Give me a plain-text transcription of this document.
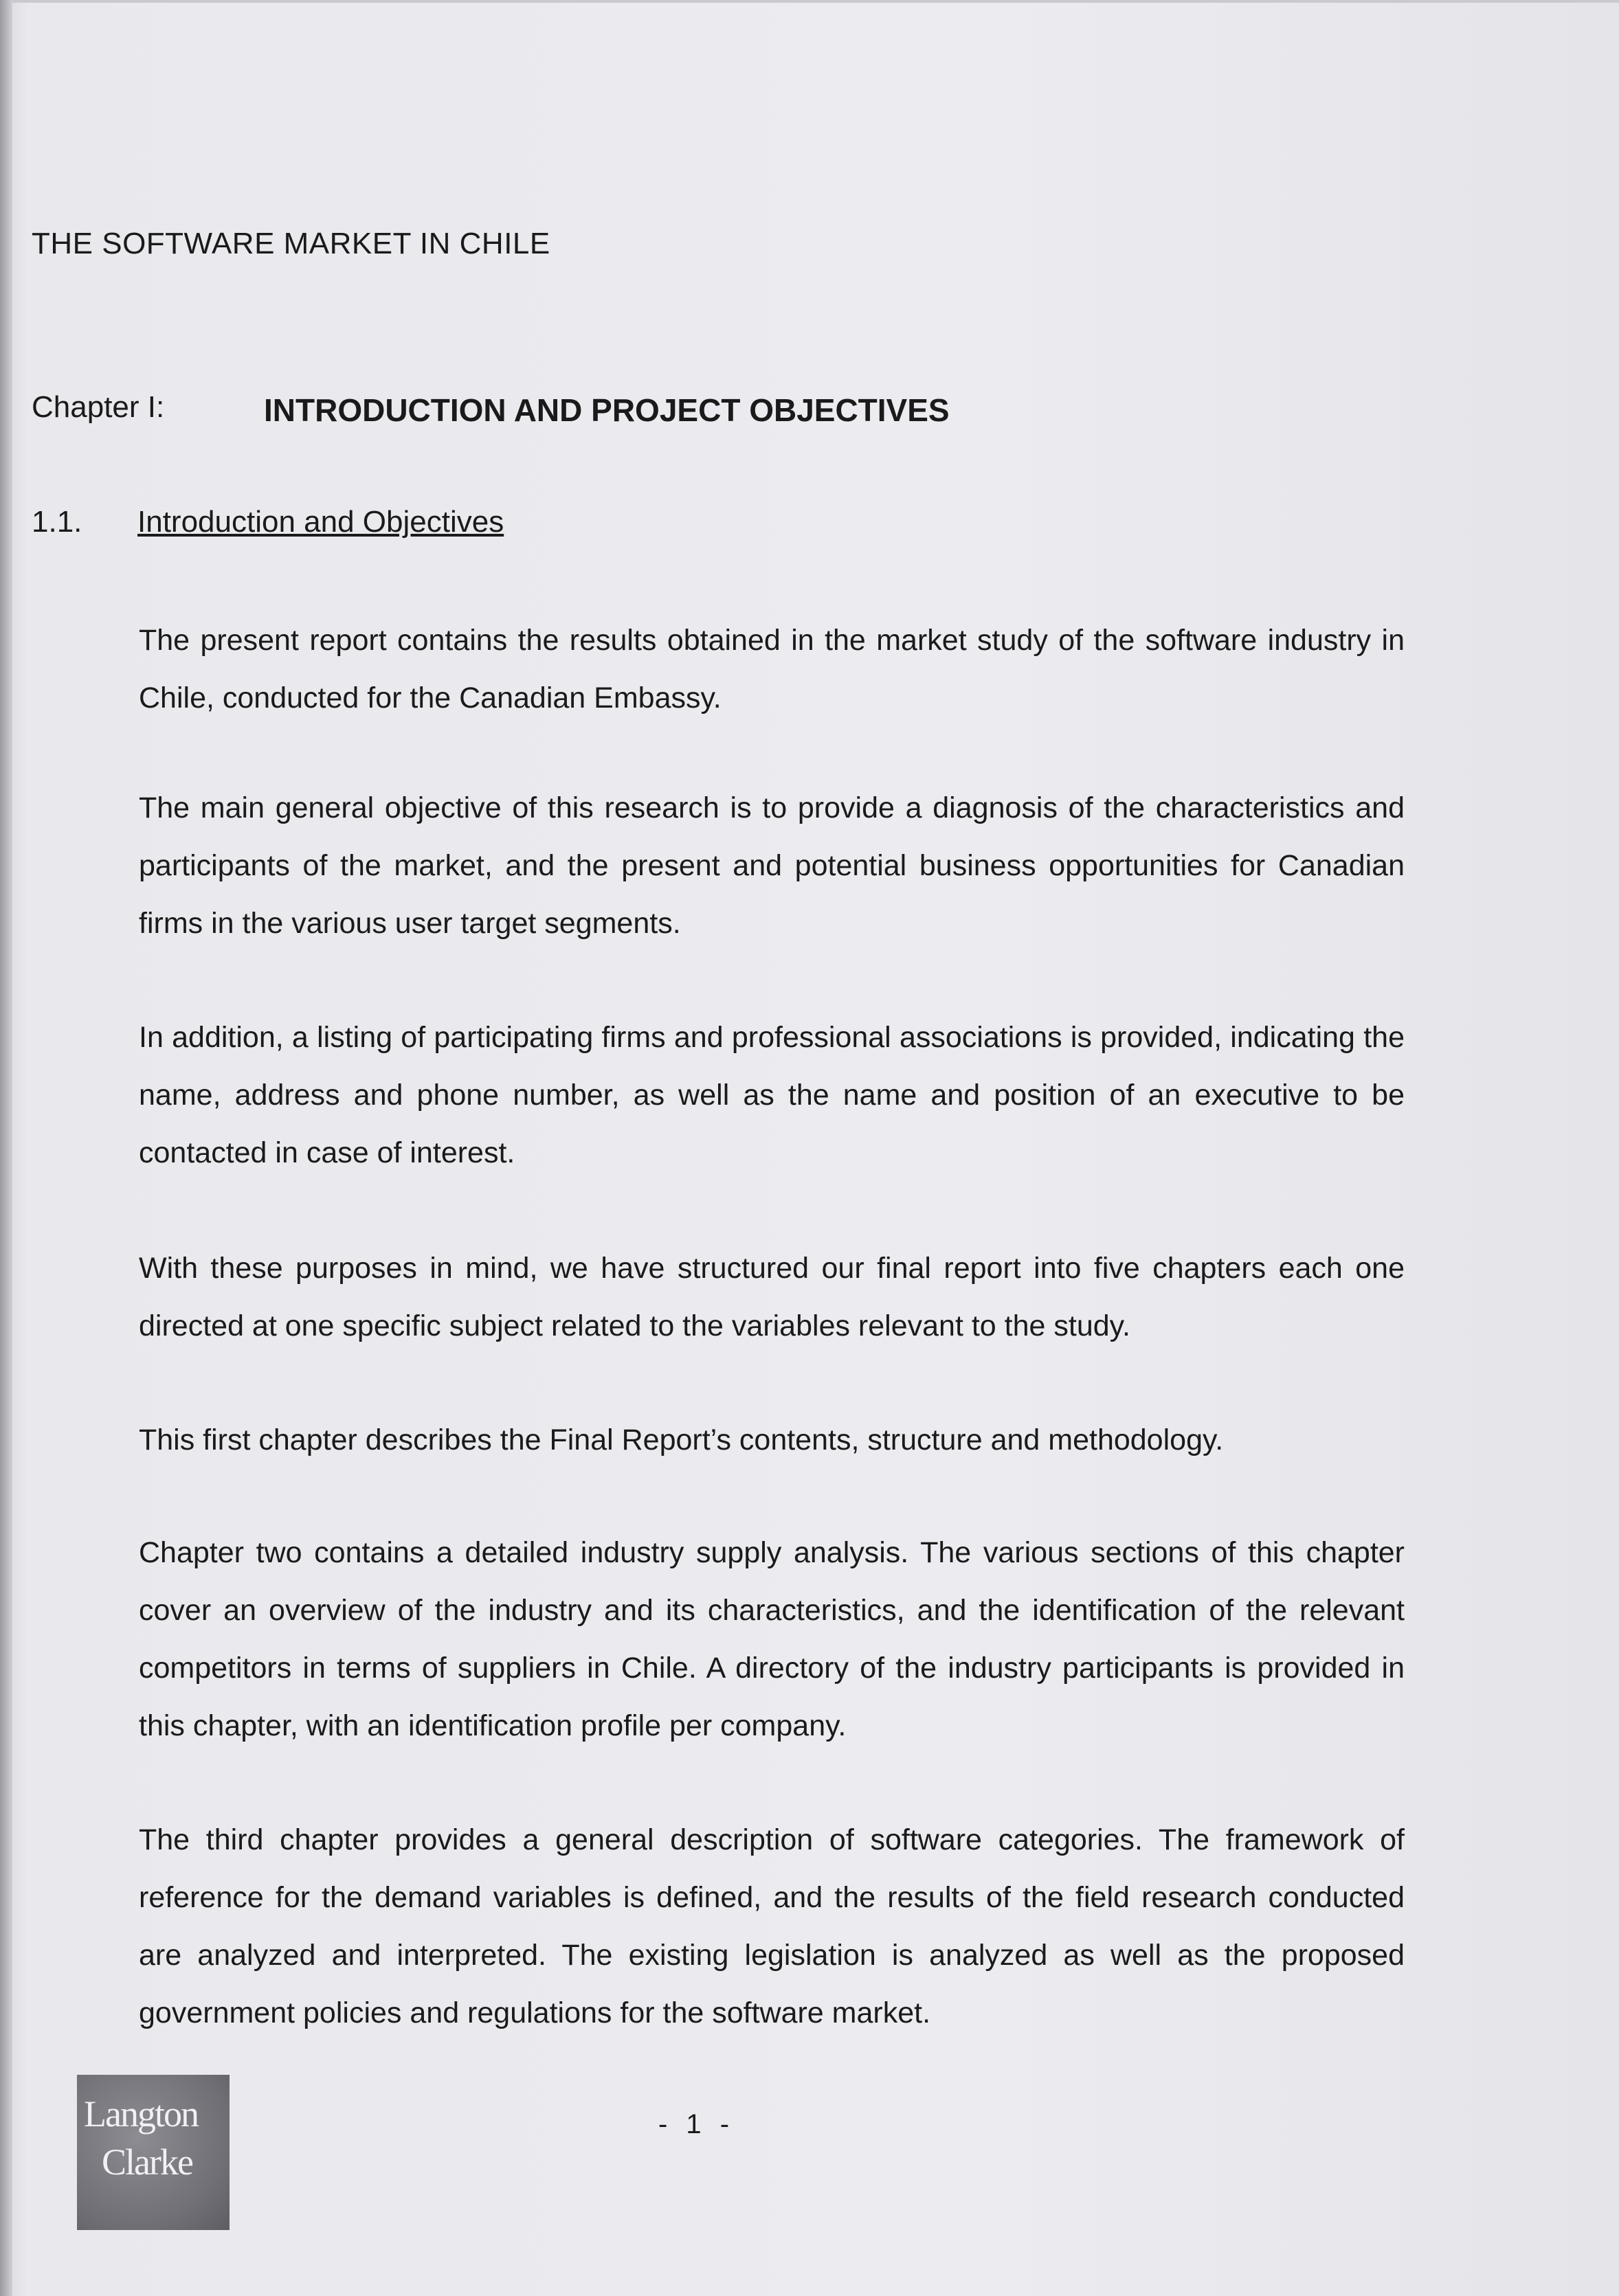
THE SOFTWARE MARKET IN CHILE
Chapter I:	INTRODUCTION AND PROJECT OBJECTIVES
1.1. Introduction and Objectives

The present report contains the results obtained in the market study of the software industry in Chile, conducted for the Canadian Embassy.

The main general objective of this research is to provide a diagnosis of the characteristics and participants of the market, and the present and potential business opportunities for Canadian firms in the various user target segments.

In addition, a listing of participating firms and professional associations is provided, indicating the name, address and phone number, as well as the name and position of an executive to be contacted in case of interest.

With these purposes in mind, we have structured our final report into five chapters each one directed at one specific subject related to the variables relevant to the study.

This first chapter describes the Final Report’s contents, structure and methodology.

Chapter two contains a detailed industry supply analysis. The various sections of this chapter cover an overview of the industry and its characteristics, and the identification of the relevant competitors in terms of suppliers in Chile. A directory of the industry participants is provided in this chapter, with an identification profile per company.

The third chapter provides a general description of software categories. The framework of reference for the demand variables is defined, and the results of the field research conducted are analyzed and interpreted. The existing legislation is analyzed as well as the proposed government policies and regulations for the software market.

Langton
Clarke
- 1 -
